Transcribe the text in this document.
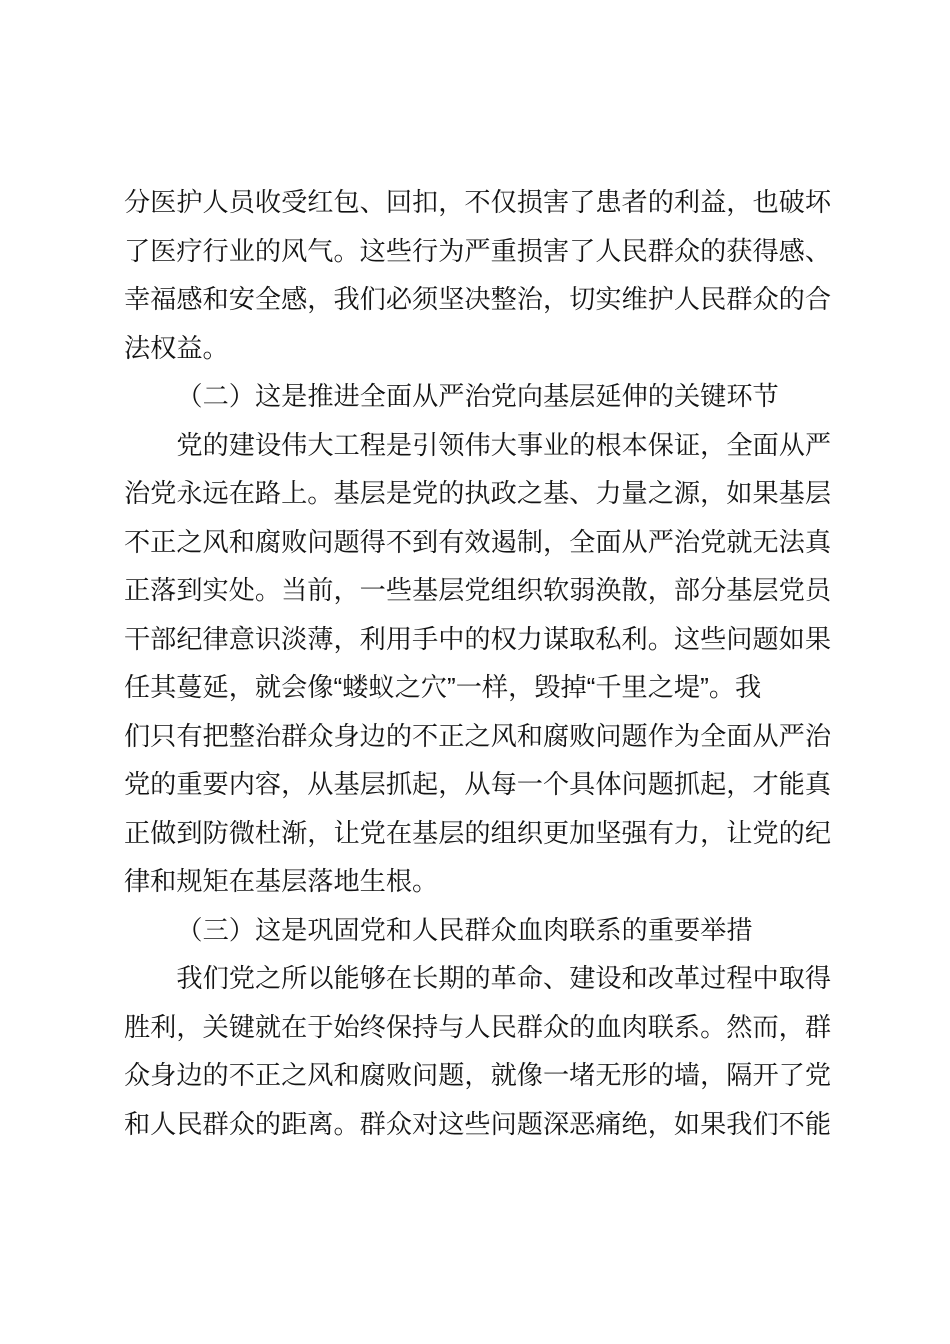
分医护人员收受红包、回扣，不仅损害了患者的利益，也破坏
了医疗行业的风气。这些行为严重损害了人民群众的获得感、
幸福感和安全感，我们必须坚决整治，切实维护人民群众的合
法权益。
（二）这是推进全面从严治党向基层延伸的关键环节
党的建设伟大工程是引领伟大事业的根本保证，全面从严
治党永远在路上。基层是党的执政之基、力量之源，如果基层
不正之风和腐败问题得不到有效遏制，全面从严治党就无法真
正落到实处。当前，一些基层党组织软弱涣散，部分基层党员
干部纪律意识淡薄，利用手中的权力谋取私利。这些问题如果
任其蔓延，就会像“蝼蚁之穴”一样，毁掉“千里之堤”。我
们只有把整治群众身边的不正之风和腐败问题作为全面从严治
党的重要内容，从基层抓起，从每一个具体问题抓起，才能真
正做到防微杜渐，让党在基层的组织更加坚强有力，让党的纪
律和规矩在基层落地生根。
（三）这是巩固党和人民群众血肉联系的重要举措
我们党之所以能够在长期的革命、建设和改革过程中取得
胜利，关键就在于始终保持与人民群众的血肉联系。然而，群
众身边的不正之风和腐败问题，就像一堵无形的墙，隔开了党
和人民群众的距离。群众对这些问题深恶痛绝，如果我们不能
